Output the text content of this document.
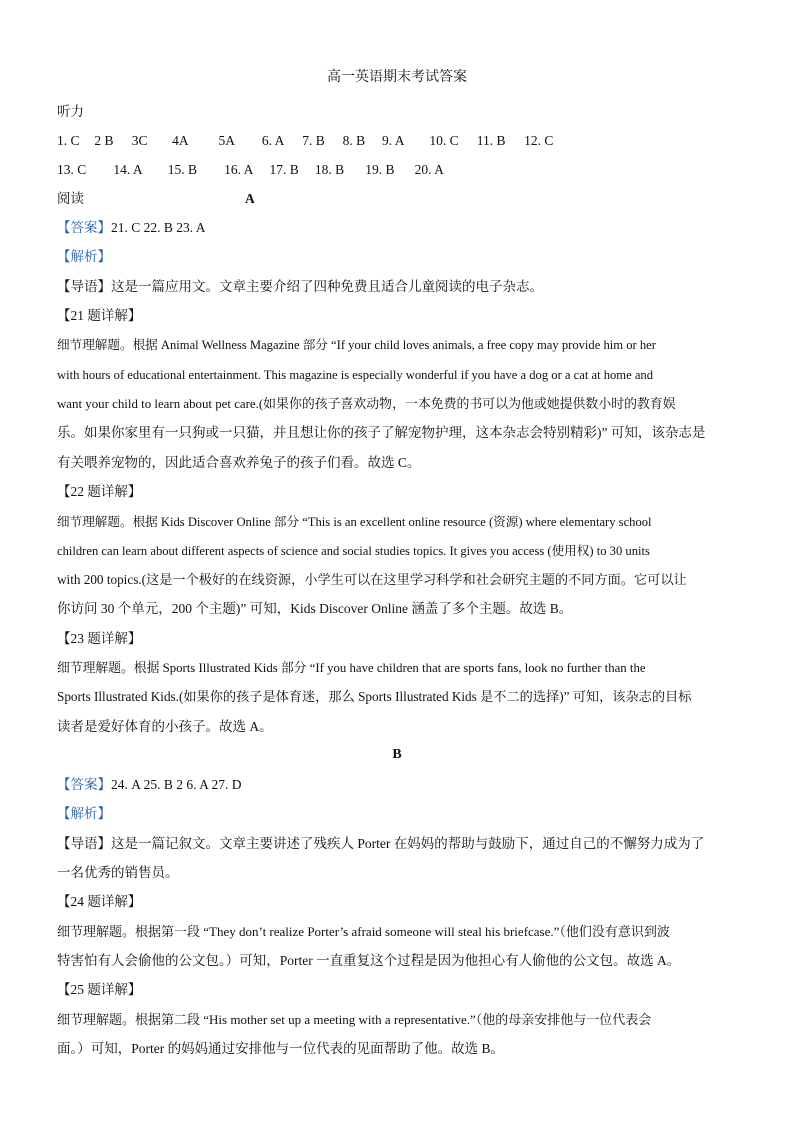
高一英语期末考试答案
听力
1. C 2 B 3C 4A 5A 6. A 7. B 8. B 9. A 10. C 11. B 12. C
13. C 14. A 15. B 16. A 17. B 18. B 19. B 20. A
阅读	A
【答案】21. C 22. B 23. A
【解析】
【导语】这是一篇应用文。文章主要介绍了四种免费且适合儿童阅读的电子杂志。
【21 题详解】
细节理解题。根据 Animal Wellness Magazine 部分 “If your child loves animals, a free copy may provide him or her
with hours of educational entertainment. This magazine is especially wonderful if you have a dog or a cat at home and
want your child to learn about pet care.(如果你的孩子喜欢动物，一本免费的书可以为他或她提供数小时的教育娱
乐。如果你家里有一只狗或一只猫，并且想让你的孩子了解宠物护理，这本杂志会特别精彩)” 可知，该杂志是
有关喂养宠物的，因此适合喜欢养兔子的孩子们看。故选 C。
【22 题详解】
细节理解题。根据 Kids Discover Online 部分 “This is an excellent online resource (资源) where elementary school
children can learn about different aspects of science and social studies topics. It gives you access (使用权) to 30 units
with 200 topics.(这是一个极好的在线资源，小学生可以在这里学习科学和社会研究主题的不同方面。它可以让
你访问 30 个单元，200 个主题)” 可知，Kids Discover Online 涵盖了多个主题。故选 B。
【23 题详解】
细节理解题。根据 Sports Illustrated Kids 部分 “If you have children that are sports fans, look no further than the
Sports Illustrated Kids.(如果你的孩子是体育迷，那么 Sports Illustrated Kids 是不二的选择)” 可知，该杂志的目标
读者是爱好体育的小孩子。故选 A。
B
【答案】24. A 25. B 2 6. A 27. D
【解析】
【导语】这是一篇记叙文。文章主要讲述了残疾人 Porter 在妈妈的帮助与鼓励下，通过自己的不懈努力成为了
一名优秀的销售员。
【24 题详解】
细节理解题。根据第一段 “They don’t realize Porter’s afraid someone will steal his briefcase.”（他们没有意识到波
特害怕有人会偷他的公文包。）可知，Porter 一直重复这个过程是因为他担心有人偷他的公文包。故选 A。
【25 题详解】
细节理解题。根据第二段 “His mother set up a meeting with a representative.”（他的母亲安排他与一位代表会
面。）可知，Porter 的妈妈通过安排他与一位代表的见面帮助了他。故选 B。
